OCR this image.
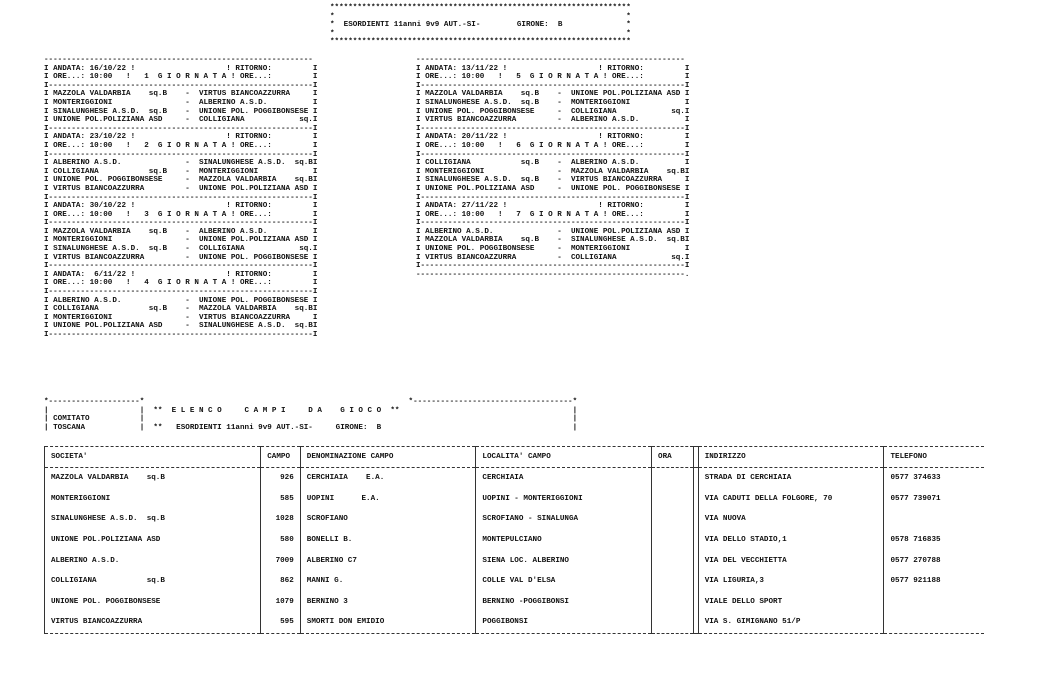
******************************************************************
*                                                                *
*  ESORDIENTI 11anni 9v9 AUT.-SI-        GIRONE:  B              *
*                                                                *
******************************************************************
-----------------------------------------------------------
I ANDATA: 16/10/22 !                    ! RITORNO:         I
I ORE...: 10:00   !   1  G I O R N A T A ! ORE...:         I
I----------------------------------------------------------I
I MAZZOLA VALDARBIA    sq.B    -  VIRTUS BIANCOAZZURRA     I
I MONTERIGGIONI                -  ALBERINO A.S.D.          I
I SINALUNGHESE A.S.D.  sq.B    -  UNIONE POL. POGGIBONSESE I
I UNIONE POL.POLIZIANA ASD     -  COLLIGIANA            sq.I
I----------------------------------------------------------I
I ANDATA: 23/10/22 !                    ! RITORNO:         I
I ORE...: 10:00   !   2  G I O R N A T A ! ORE...:         I
I----------------------------------------------------------I
I ALBERINO A.S.D.              -  SINALUNGHESE A.S.D.  sq.BI
I COLLIGIANA           sq.B    -  MONTERIGGIONI            I
I UNIONE POL. POGGIBONSESE     -  MAZZOLA VALDARBIA    sq.BI
I VIRTUS BIANCOAZZURRA         -  UNIONE POL.POLIZIANA ASD I
I----------------------------------------------------------I
I ANDATA: 30/10/22 !                    ! RITORNO:         I
I ORE...: 10:00   !   3  G I O R N A T A ! ORE...:         I
I----------------------------------------------------------I
I MAZZOLA VALDARBIA    sq.B    -  ALBERINO A.S.D.          I
I MONTERIGGIONI                -  UNIONE POL.POLIZIANA ASD I
I SINALUNGHESE A.S.D.  sq.B    -  COLLIGIANA            sq.I
I VIRTUS BIANCOAZZURRA         -  UNIONE POL. POGGIBONSESE I
I----------------------------------------------------------I
I ANDATA:  6/11/22 !                    ! RITORNO:         I
I ORE...: 10:00   !   4  G I O R N A T A ! ORE...:         I
I----------------------------------------------------------I
I ALBERINO A.S.D.              -  UNIONE POL. POGGIBONSESE I
I COLLIGIANA           sq.B    -  MAZZOLA VALDARBIA    sq.BI
I MONTERIGGIONI                -  VIRTUS BIANCOAZZURRA     I
I UNIONE POL.POLIZIANA ASD     -  SINALUNGHESE A.S.D.  sq.BI
I----------------------------------------------------------I
-----------------------------------------------------------
I ANDATA: 13/11/22 !                    ! RITORNO:         I
I ORE...: 10:00   !   5  G I O R N A T A ! ORE...:         I
I----------------------------------------------------------I
I MAZZOLA VALDARBIA    sq.B    -  UNIONE POL.POLIZIANA ASD I
I SINALUNGHESE A.S.D.  sq.B    -  MONTERIGGIONI            I
I UNIONE POL. POGGIBONSESE     -  COLLIGIANA            sq.I
I VIRTUS BIANCOAZZURRA         -  ALBERINO A.S.D.          I
I----------------------------------------------------------I
I ANDATA: 20/11/22 !                    ! RITORNO:         I
I ORE...: 10:00   !   6  G I O R N A T A ! ORE...:         I
I----------------------------------------------------------I
I COLLIGIANA           sq.B    -  ALBERINO A.S.D.          I
I MONTERIGGIONI                -  MAZZOLA VALDARBIA    sq.BI
I SINALUNGHESE A.S.D.  sq.B    -  VIRTUS BIANCOAZZURRA     I
I UNIONE POL.POLIZIANA ASD     -  UNIONE POL. POGGIBONSESE I
I----------------------------------------------------------I
I ANDATA: 27/11/22 !                    ! RITORNO:         I
I ORE...: 10:00   !   7  G I O R N A T A ! ORE...:         I
I----------------------------------------------------------I
I ALBERINO A.S.D.              -  UNIONE POL.POLIZIANA ASD I
I MAZZOLA VALDARBIA    sq.B    -  SINALUNGHESE A.S.D.  sq.BI
I UNIONE POL. POGGIBONSESE     -  MONTERIGGIONI            I
I VIRTUS BIANCOAZZURRA         -  COLLIGIANA            sq.I
I----------------------------------------------------------I
-----------------------------------------------------------.
*--------------------*                                                          *-----------------------------------*
|                    |  **  E L E N C O     C A M P I     D A    G I O C O  **                                      |
| COMITATO           |                                                                                              |
| TOSCANA            |  **   ESORDIENTI 11anni 9v9 AUT.-SI-     GIRONE:  B                                          |
SOCIETA'	CAMPO	DENOMINAZIONE CAMPO	LOCALITA' CAMPO	ORA		INDIRIZZO	TELEFONO
MAZZOLA VALDARBIA    sq.B	926	CERCHIAIA    E.A.	CERCHIAIA			STRADA DI CERCHIAIA	0577 374633
MONTERIGGIONI	585	UOPINI      E.A.	UOPINI - MONTERIGGIONI			VIA CADUTI DELLA FOLGORE, 70	0577 739071
SINALUNGHESE A.S.D.  sq.B	1028	SCROFIANO	SCROFIANO - SINALUNGA			VIA NUOVA	
UNIONE POL.POLIZIANA ASD	580	BONELLI B.	MONTEPULCIANO			VIA DELLO STADIO,1	0578 716835
ALBERINO A.S.D.	7009	ALBERINO C7	SIENA LOC. ALBERINO			VIA DEL VECCHIETTA	0577 270788
COLLIGIANA           sq.B	862	MANNI G.	COLLE VAL D'ELSA			VIA LIGURIA,3	0577 921188
UNIONE POL. POGGIBONSESE	1079	BERNINO 3	BERNINO -POGGIBONSI			VIALE DELLO SPORT	
VIRTUS BIANCOAZZURRA	595	SMORTI DON EMIDIO	POGGIBONSI			VIA S. GIMIGNANO 51/P	
